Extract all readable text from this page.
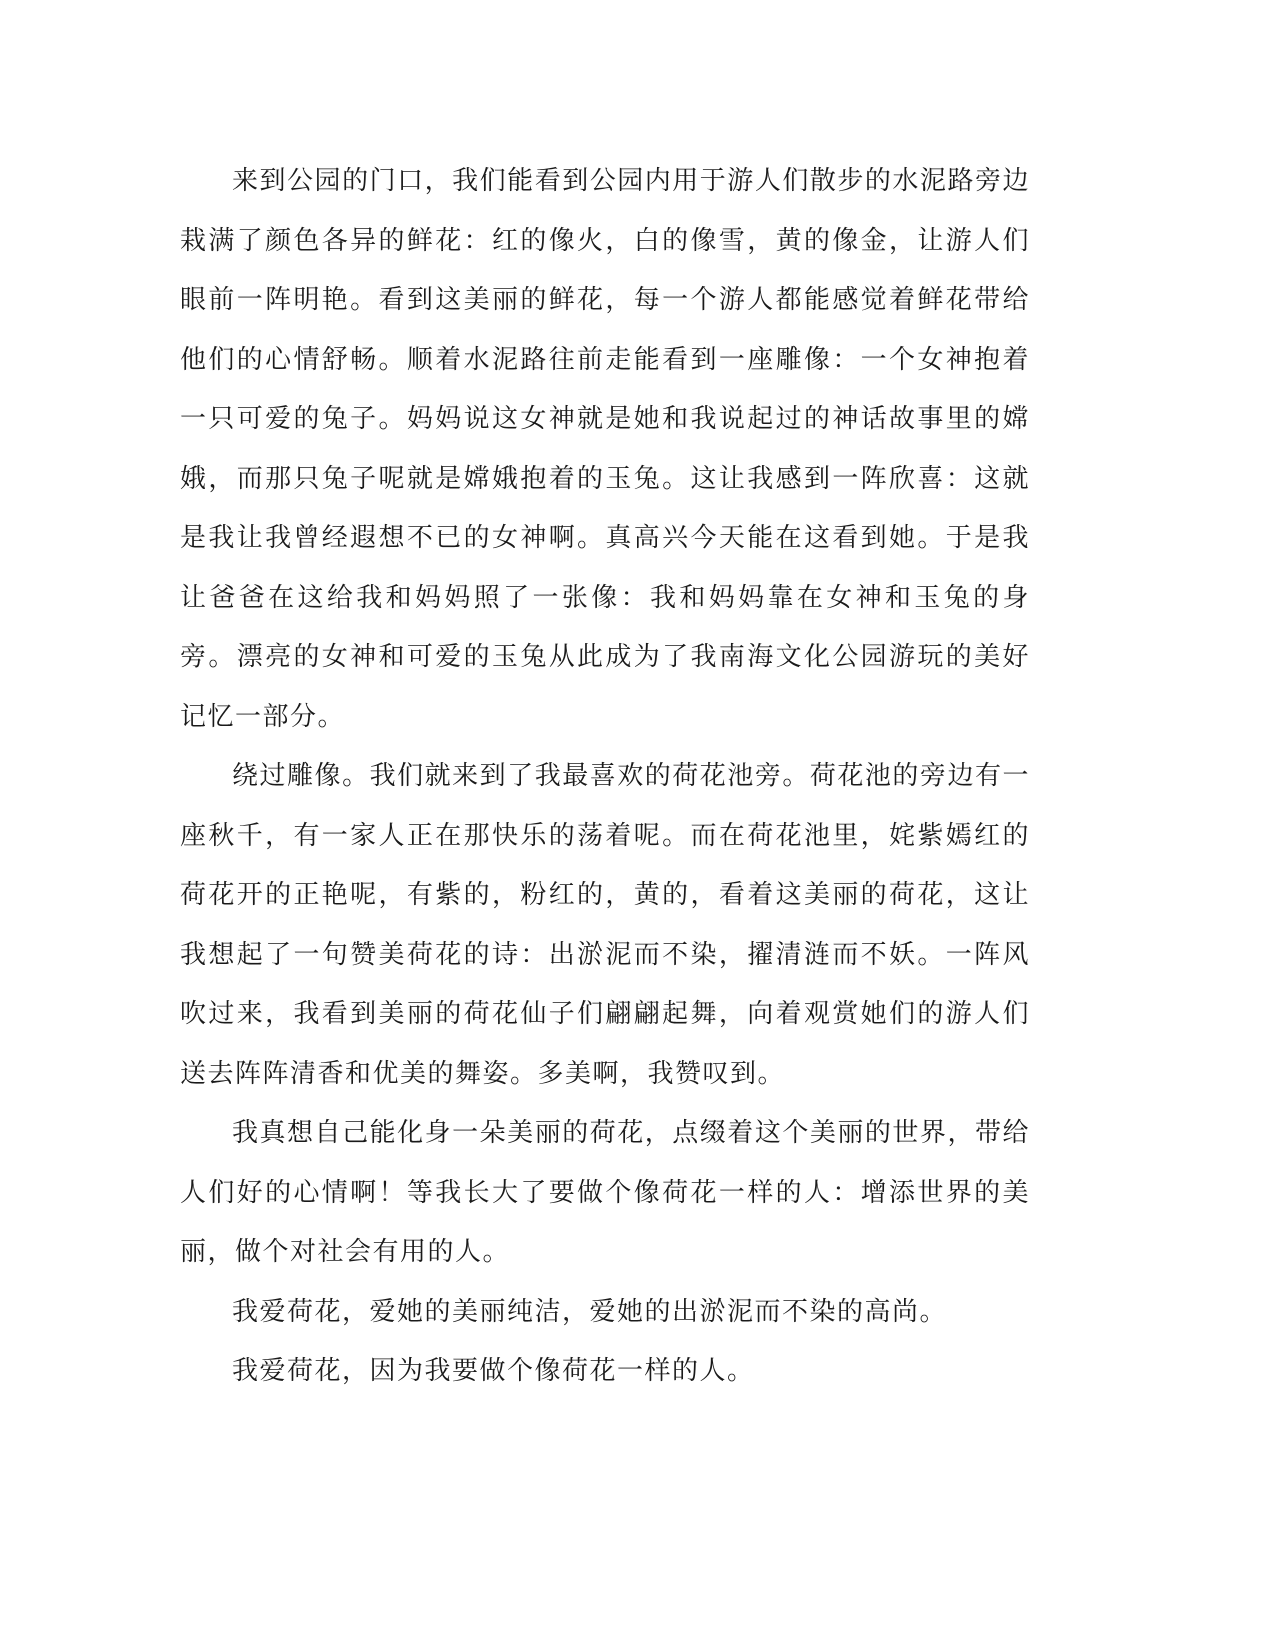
来到公园的门口，我们能看到公园内用于游人们散步的水泥路旁边栽满了颜色各异的鲜花：红的像火，白的像雪，黄的像金，让游人们眼前一阵明艳。看到这美丽的鲜花，每一个游人都能感觉着鲜花带给他们的心情舒畅。顺着水泥路往前走能看到一座雕像：一个女神抱着一只可爱的兔子。妈妈说这女神就是她和我说起过的神话故事里的嫦娥，而那只兔子呢就是嫦娥抱着的玉兔。这让我感到一阵欣喜：这就是我让我曾经遐想不已的女神啊。真高兴今天能在这看到她。于是我让爸爸在这给我和妈妈照了一张像：我和妈妈靠在女神和玉兔的身旁。漂亮的女神和可爱的玉兔从此成为了我南海文化公园游玩的美好记忆一部分。

绕过雕像。我们就来到了我最喜欢的荷花池旁。荷花池的旁边有一座秋千，有一家人正在那快乐的荡着呢。而在荷花池里，姹紫嫣红的荷花开的正艳呢，有紫的，粉红的，黄的，看着这美丽的荷花，这让我想起了一句赞美荷花的诗：出淤泥而不染，擢清涟而不妖。一阵风吹过来，我看到美丽的荷花仙子们翩翩起舞，向着观赏她们的游人们送去阵阵清香和优美的舞姿。多美啊，我赞叹到。

我真想自己能化身一朵美丽的荷花，点缀着这个美丽的世界，带给人们好的心情啊！等我长大了要做个像荷花一样的人：增添世界的美丽，做个对社会有用的人。

我爱荷花，爱她的美丽纯洁，爱她的出淤泥而不染的高尚。

我爱荷花，因为我要做个像荷花一样的人。
